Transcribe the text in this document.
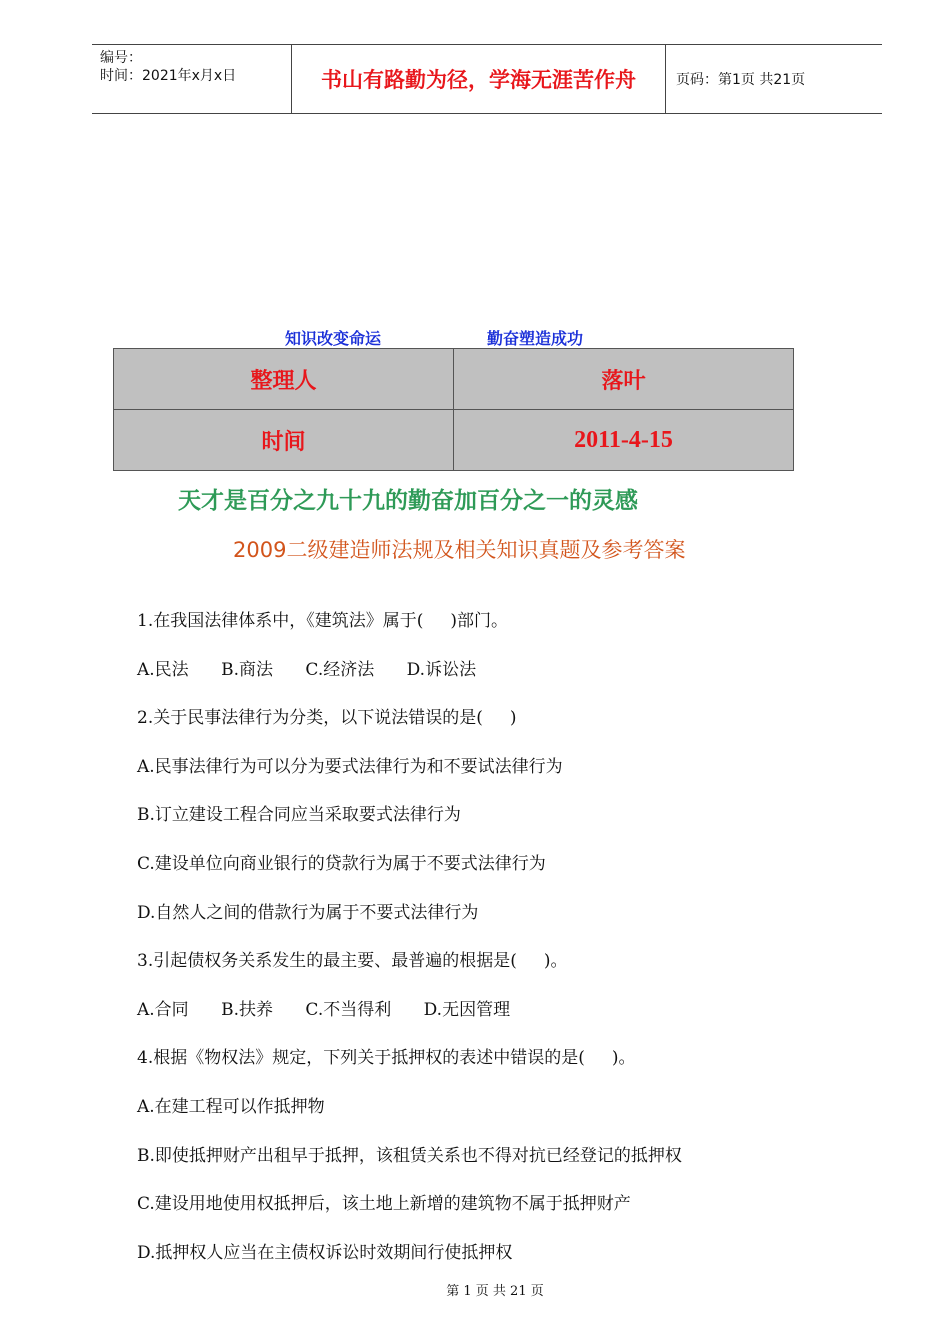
编号：
时间：2021年x月x日	书山有路勤为径，学海无涯苦作舟	页码：第1页 共21页
知识改变命运	勤奋塑造成功
整理人	落叶
时间	2011-4-15
天才是百分之九十九的勤奋加百分之一的灵感
2009二级建造师法规及相关知识真题及参考答案

1.在我国法律体系中，《建筑法》属于(     )部门。

A.民法      B.商法      C.经济法      D.诉讼法

2.关于民事法律行为分类，以下说法错误的是(     )

A.民事法律行为可以分为要式法律行为和不要试法律行为

B.订立建设工程合同应当采取要式法律行为

C.建设单位向商业银行的贷款行为属于不要式法律行为

D.自然人之间的借款行为属于不要式法律行为

3.引起债权务关系发生的最主要、最普遍的根据是(     )。

A.合同      B.扶养      C.不当得利      D.无因管理

4.根据《物权法》规定，下列关于抵押权的表述中错误的是(     )。

A.在建工程可以作抵押物

B.即使抵押财产出租早于抵押，该租赁关系也不得对抗已经登记的抵押权

C.建设用地使用权抵押后，该土地上新增的建筑物不属于抵押财产

D.抵押权人应当在主债权诉讼时效期间行使抵押权

第 1 页 共 21 页
